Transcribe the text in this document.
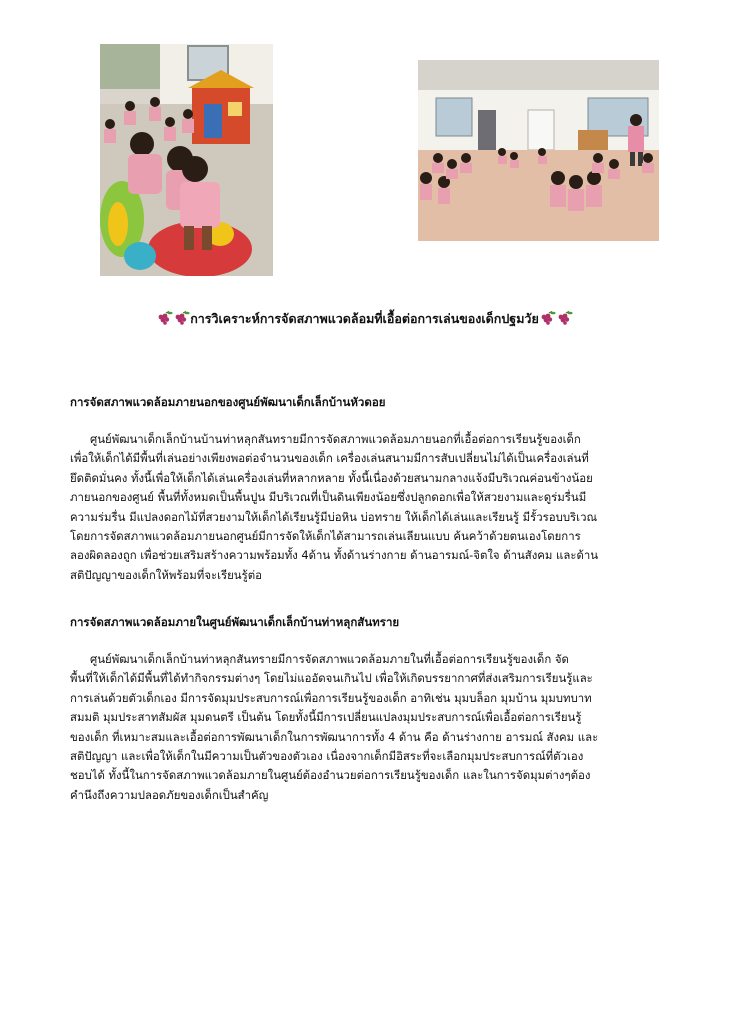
การวิเคราะห์การจัดสภาพแวดล้อมที่เอื้อต่อการเล่นของเด็กปฐมวัย
การจัดสภาพแวดล้อมภายนอกของศูนย์พัฒนาเด็กเล็กบ้านหัวดอย
ศูนย์พัฒนาเด็กเล็กบ้านบ้านท่าหลุกสันทรายมีการจัดสภาพแวดล้อมภายนอกที่เอื้อต่อการเรียนรู้ของเด็ก
เพื่อให้เด็กได้มีพื้นที่เล่นอย่างเพียงพอต่อจำนวนของเด็ก เครื่องเล่นสนามมีการสับเปลี่ยนไม่ได้เป็นเครื่องเล่นที่
ยึดติดมั่นคง ทั้งนี้เพื่อให้เด็กได้เล่นเครื่องเล่นที่หลากหลาย ทั้งนี้เนื่องด้วยสนามกลางแจ้งมีบริเวณค่อนข้างน้อย
ภายนอกของศูนย์ พื้นที่ทั้งหมดเป็นพื้นปูน มีบริเวณที่เป็นดินเพียงน้อยซึ่งปลูกดอกเพื่อให้สวยงามและดูร่มรื่นมี
ความร่มรื่น มีแปลงดอกไม้ที่สวยงามให้เด็กได้เรียนรู้มีบ่อหิน บ่อทราย ให้เด็กได้เล่นและเรียนรู้ มีรั้วรอบบริเวณ
โดยการจัดสภาพแวดล้อมภายนอกศูนย์มีการจัดให้เด็กได้สามารถเล่นเลียนแบบ ค้นคว้าด้วยตนเองโดยการ
ลองผิดลองถูก เพื่อช่วยเสริมสร้างความพร้อมทั้ง 4ด้าน ทั้งด้านร่างกาย ด้านอารมณ์-จิตใจ ด้านสังคม และด้าน
สติปัญญาของเด็กให้พร้อมที่จะเรียนรู้ต่อ
การจัดสภาพแวดล้อมภายในศูนย์พัฒนาเด็กเล็กบ้านท่าหลุกสันทราย
ศูนย์พัฒนาเด็กเล็กบ้านท่าหลุกสันทรายมีการจัดสภาพแวดล้อมภายในที่เอื้อต่อการเรียนรู้ของเด็ก จัด
พื้นที่ให้เด็กได้มีพื้นที่ได้ทำกิจกรรมต่างๆ โดยไม่แออัดจนเกินไป เพื่อให้เกิดบรรยากาศที่ส่งเสริมการเรียนรู้และ
การเล่นด้วยตัวเด็กเอง มีการจัดมุมประสบการณ์เพื่อการเรียนรู้ของเด็ก อาทิเช่น มุมบล็อก มุมบ้าน มุมบทบาท
สมมติ มุมประสาทสัมผัส มุมดนตรี เป็นต้น โดยทั้งนี้มีการเปลี่ยนแปลงมุมประสบการณ์เพื่อเอื้อต่อการเรียนรู้
ของเด็ก ที่เหมาะสมและเอื้อต่อการพัฒนาเด็กในการพัฒนาการทั้ง 4 ด้าน คือ ด้านร่างกาย อารมณ์ สังคม และ
สติปัญญา และเพื่อให้เด็กในมีความเป็นตัวของตัวเอง เนื่องจากเด็กมีอิสระที่จะเลือกมุมประสบการณ์ที่ตัวเอง
ชอบได้ ทั้งนี้ในการจัดสภาพแวดล้อมภายในศูนย์ต้องอำนวยต่อการเรียนรู้ของเด็ก และในการจัดมุมต่างๆต้อง
คำนึงถึงความปลอดภัยของเด็กเป็นสำคัญ
